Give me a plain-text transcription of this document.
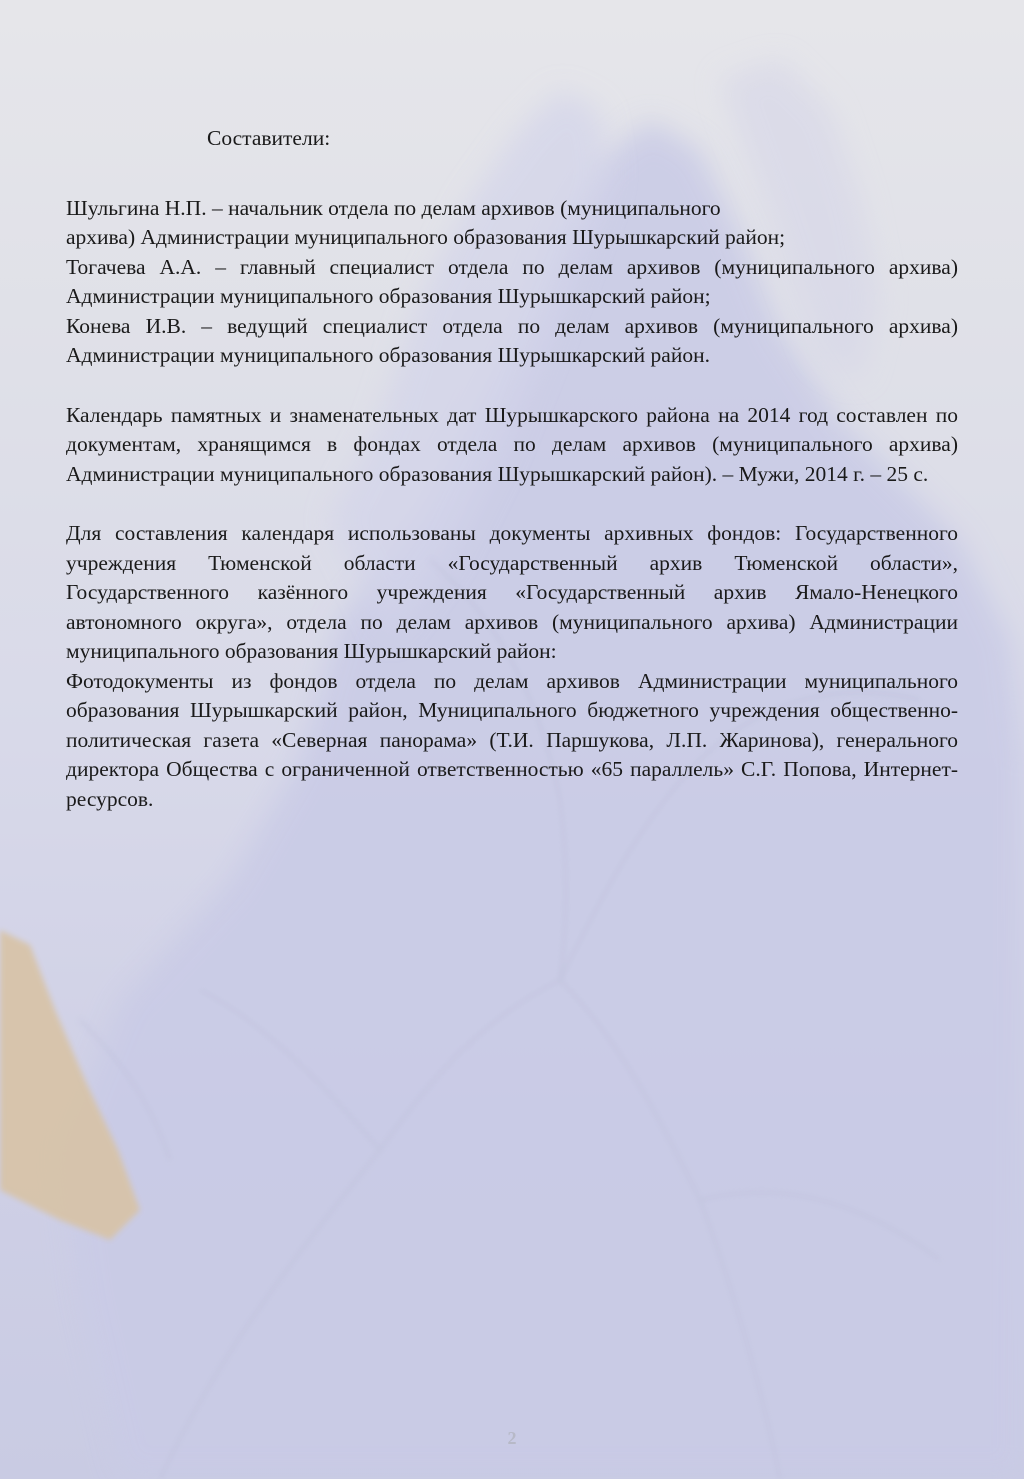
Составители:
Шульгина Н.П. – начальник отдела по делам архивов (муниципального
архива) Администрации муниципального образования Шурышкарский район;
Тогачева А.А. – главный специалист отдела по делам архивов (муниципального архива) Администрации муниципального образования Шурышкарский район;
Конева И.В. – ведущий специалист отдела по делам архивов (муниципального архива) Администрации муниципального образования Шурышкарский район.
Календарь памятных и знаменательных дат Шурышкарского района на 2014 год составлен по документам, хранящимся в фондах отдела по делам архивов (муниципального архива) Администрации муниципального образования Шурышкарский район). – Мужи, 2014 г. – 25 с.
Для составления календаря использованы документы архивных фондов: Государственного учреждения Тюменской области «Государственный архив Тюменской области», Государственного казённого учреждения «Государственный архив Ямало-Ненецкого автономного округа», отдела по делам архивов (муниципального архива) Администрации муниципального образования Шурышкарский район:
Фотодокументы из фондов отдела по делам архивов Администрации муниципального образования Шурышкарский район, Муниципального бюджетного учреждения общественно-политическая газета «Северная панорама» (Т.И. Паршукова, Л.П. Жаринова), генерального директора Общества с ограниченной ответственностью «65 параллель» С.Г. Попова, Интернет-ресурсов.
2
